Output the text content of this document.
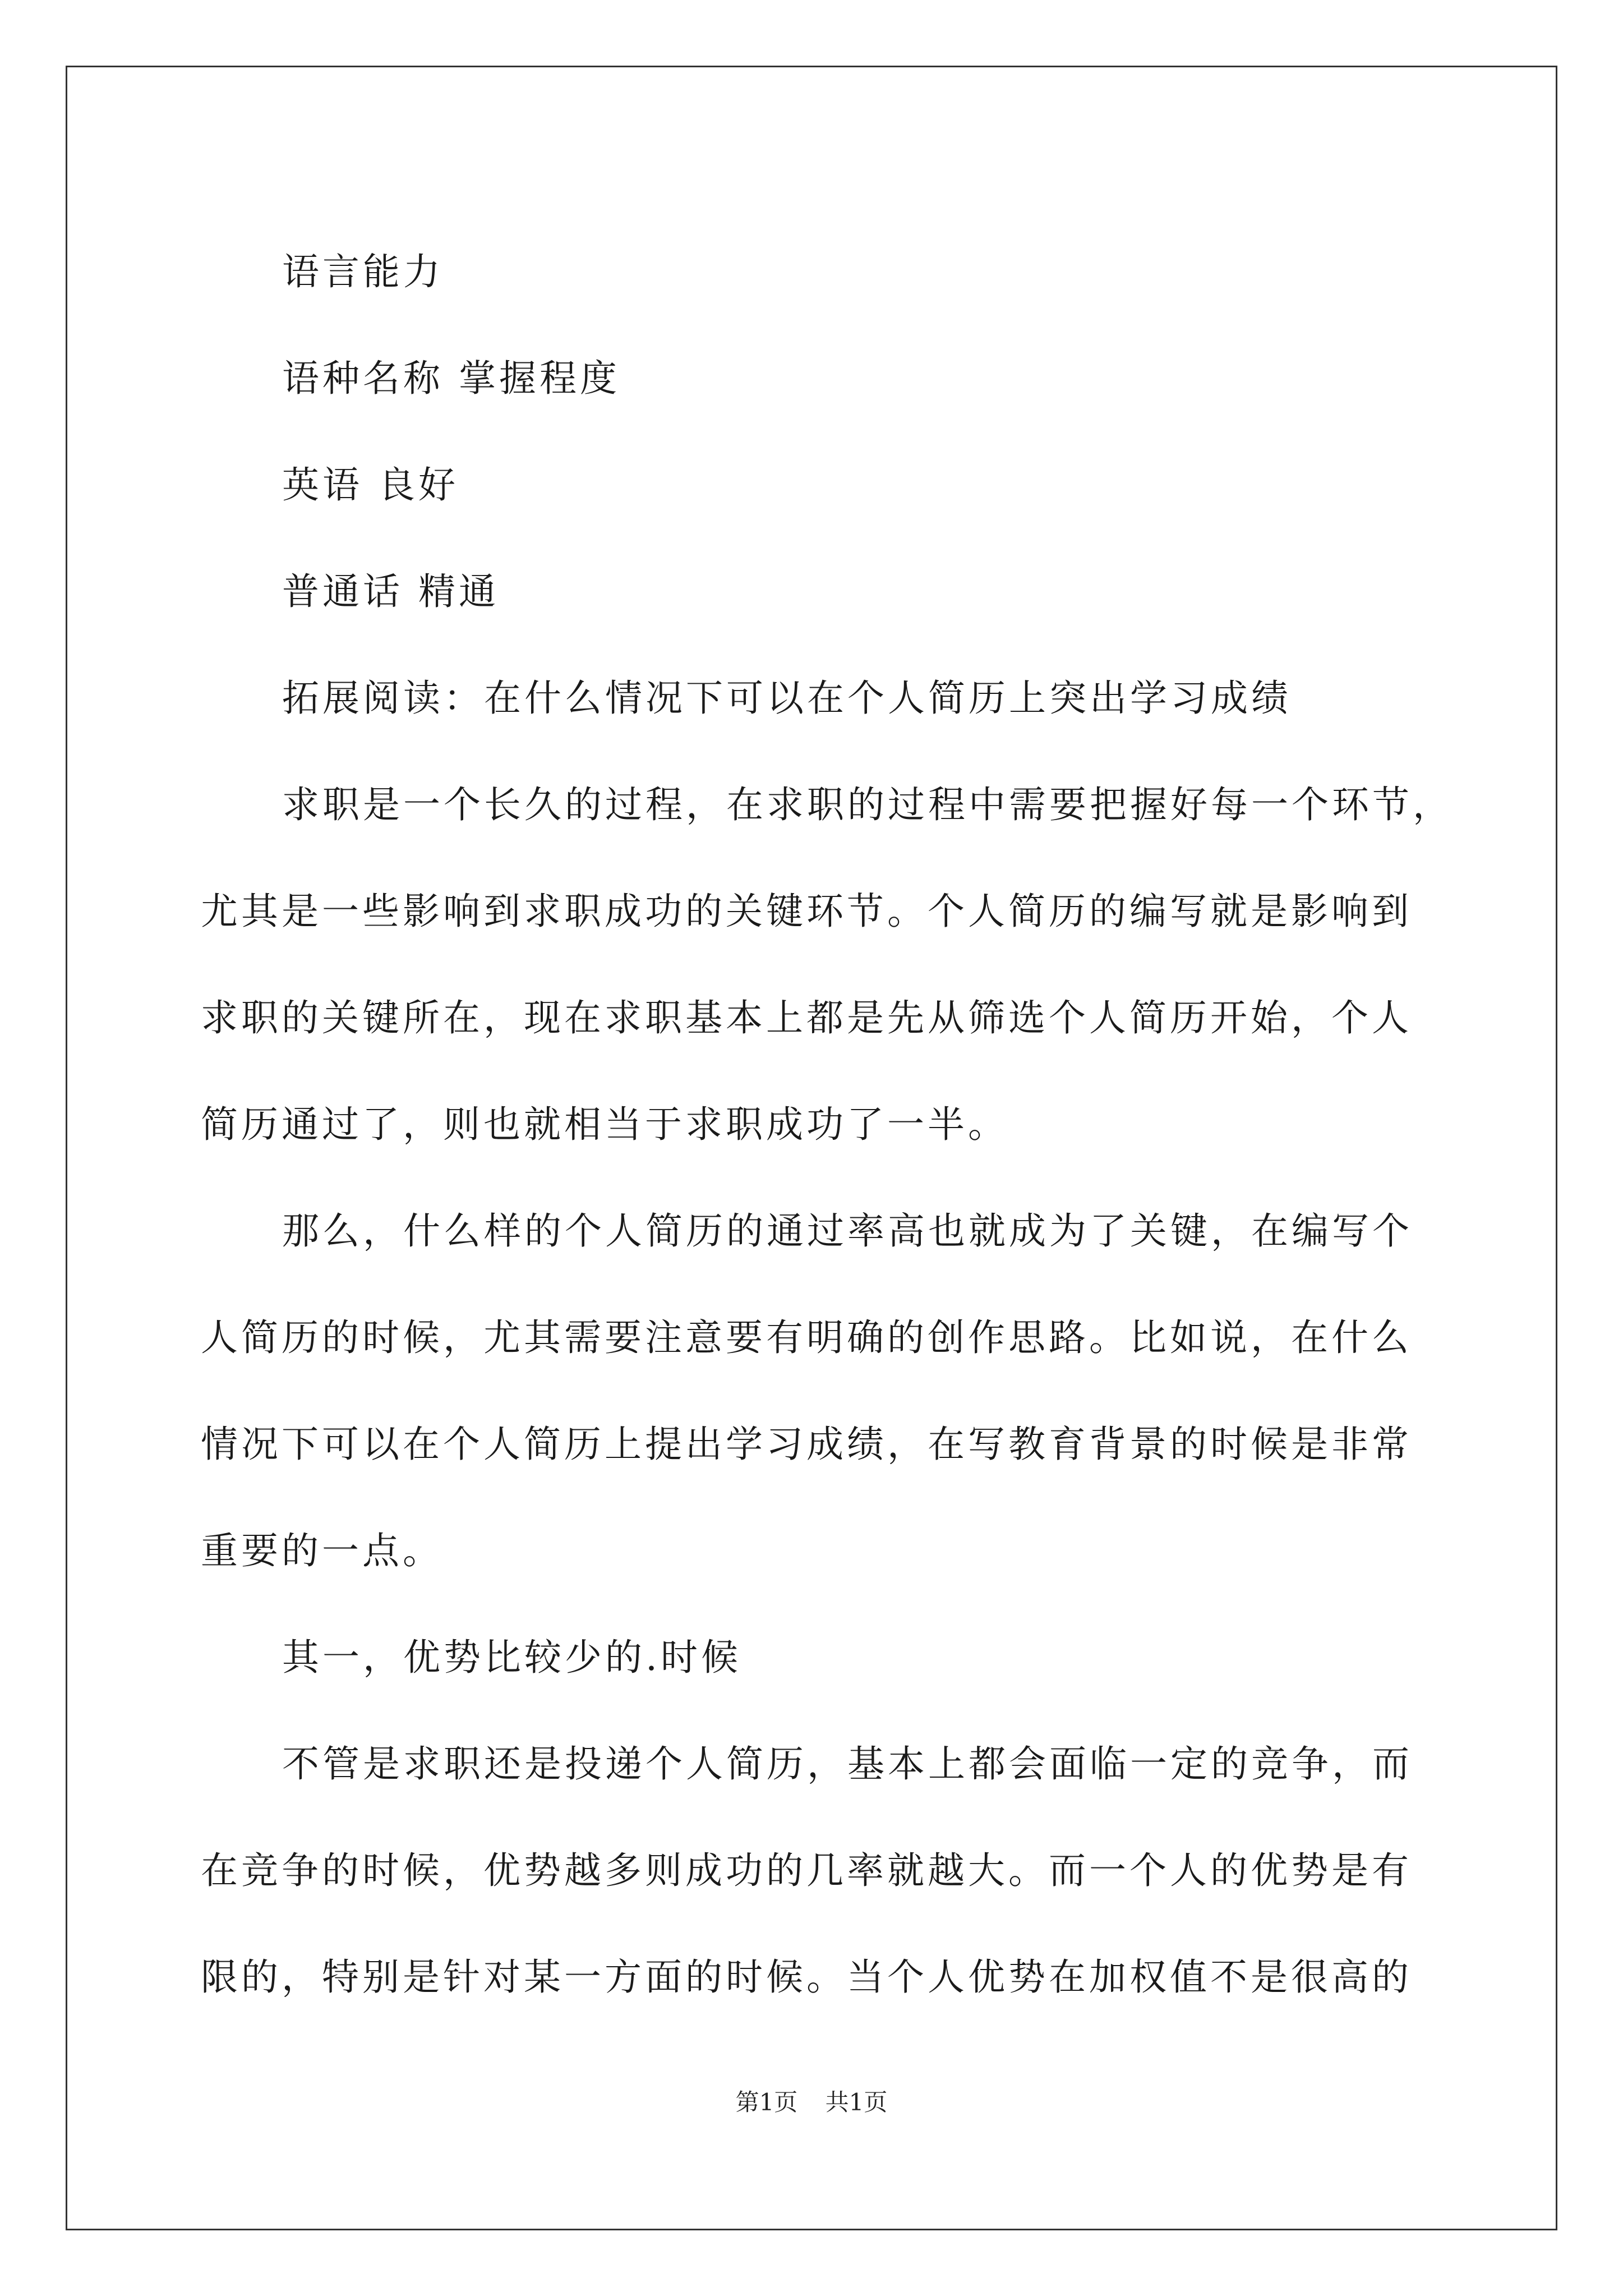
语言能力

语种名称 掌握程度

英语 良好

普通话 精通

拓展阅读：在什么情况下可以在个人简历上突出学习成绩

求职是一个长久的过程，在求职的过程中需要把握好每一个环节，

尤其是一些影响到求职成功的关键环节。个人简历的编写就是影响到

求职的关键所在，现在求职基本上都是先从筛选个人简历开始，个人

简历通过了，则也就相当于求职成功了一半。

那么，什么样的个人简历的通过率高也就成为了关键，在编写个

人简历的时候，尤其需要注意要有明确的创作思路。比如说，在什么

情况下可以在个人简历上提出学习成绩，在写教育背景的时候是非常

重要的一点。

其一，优势比较少的.时候

不管是求职还是投递个人简历，基本上都会面临一定的竞争，而

在竞争的时候，优势越多则成功的几率就越大。而一个人的优势是有

限的，特别是针对某一方面的时候。当个人优势在加权值不是很高的

第1页 共1页
